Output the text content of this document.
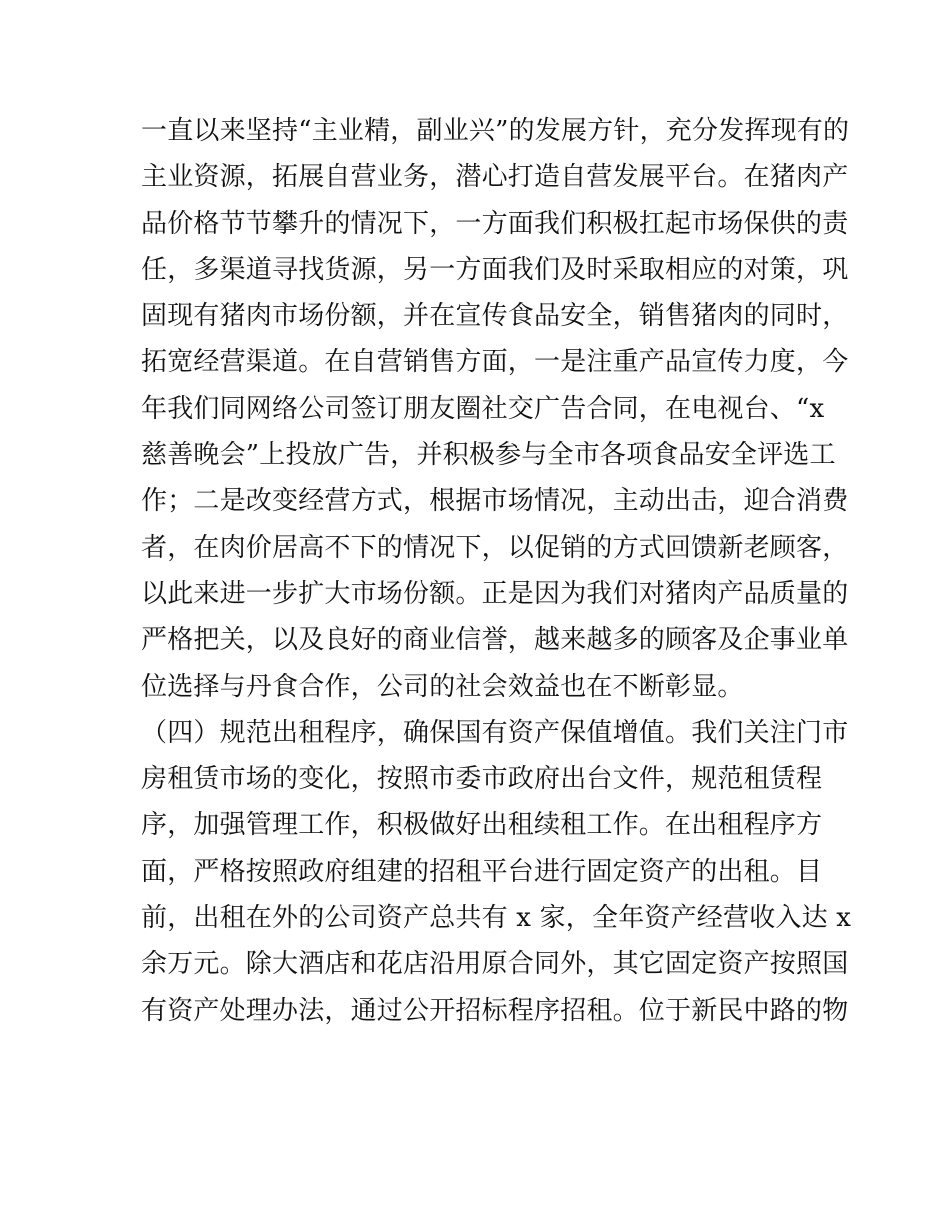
一直以来坚持“主业精，副业兴”的发展方针，充分发挥现有的
主业资源，拓展自营业务，潜心打造自营发展平台。在猪肉产
品价格节节攀升的情况下，一方面我们积极扛起市场保供的责
任，多渠道寻找货源，另一方面我们及时采取相应的对策，巩
固现有猪肉市场份额，并在宣传食品安全，销售猪肉的同时，
拓宽经营渠道。在自营销售方面，一是注重产品宣传力度，今
年我们同网络公司签订朋友圈社交广告合同，在电视台、“x
慈善晚会”上投放广告，并积极参与全市各项食品安全评选工
作；二是改变经营方式，根据市场情况，主动出击，迎合消费
者，在肉价居高不下的情况下，以促销的方式回馈新老顾客，
以此来进一步扩大市场份额。正是因为我们对猪肉产品质量的
严格把关，以及良好的商业信誉，越来越多的顾客及企事业单
位选择与丹食合作，公司的社会效益也在不断彰显。
（四）规范出租程序，确保国有资产保值增值。我们关注门市
房租赁市场的变化，按照市委市政府出台文件，规范租赁程
序，加强管理工作，积极做好出租续租工作。在出租程序方
面，严格按照政府组建的招租平台进行固定资产的出租。目
前，出租在外的公司资产总共有 x 家，全年资产经营收入达 x
余万元。除大酒店和花店沿用原合同外，其它固定资产按照国
有资产处理办法，通过公开招标程序招租。位于新民中路的物
